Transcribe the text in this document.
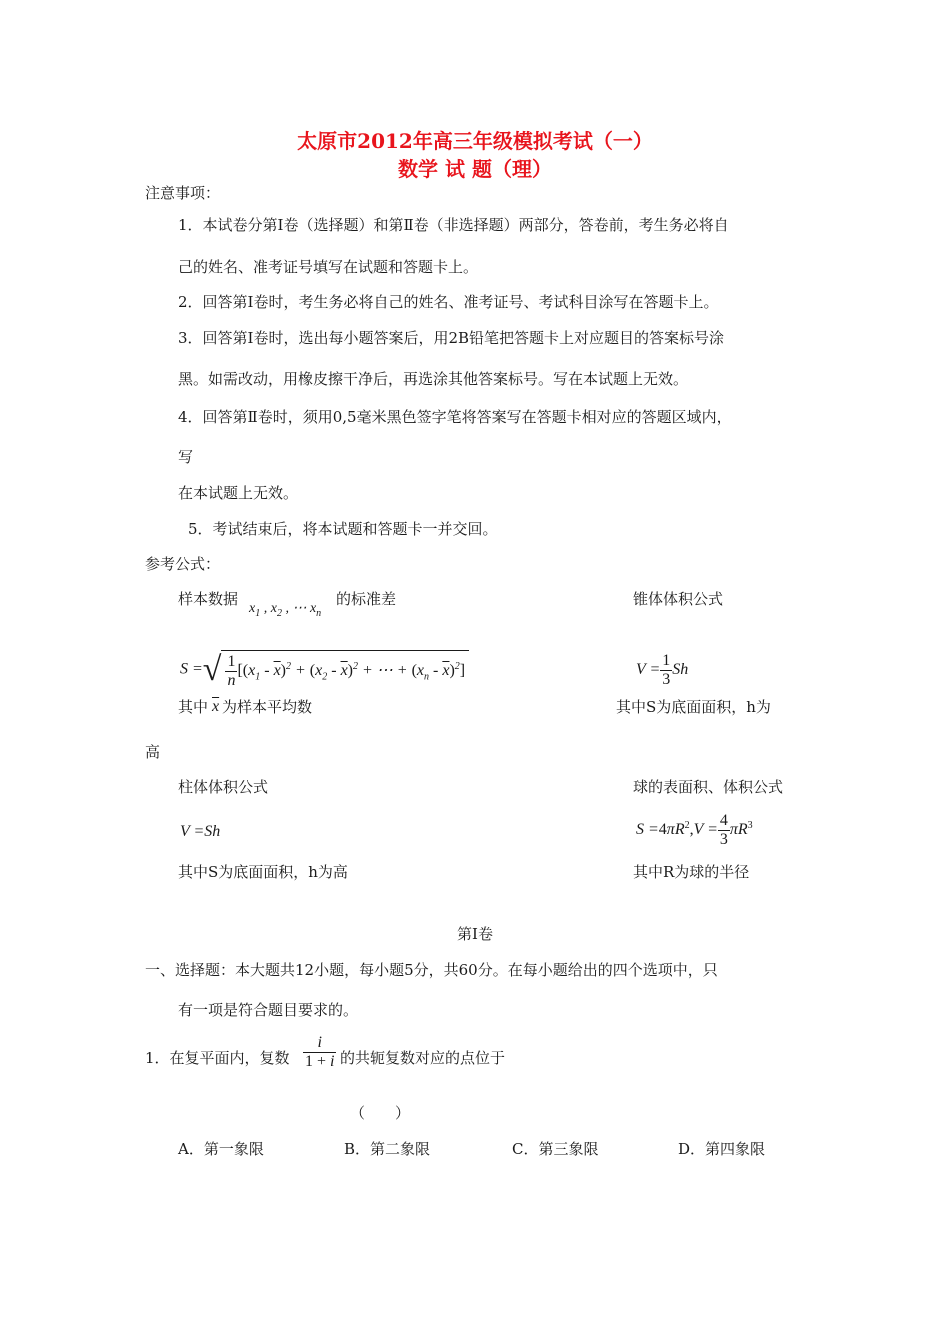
太原市2012年高三年级模拟考试（一）
数学 试 题（理）
注意事项：
1．本试卷分第Ⅰ卷（选择题）和第Ⅱ卷（非选择题）两部分，答卷前，考生务必将自
己的姓名、准考证号填写在试题和答题卡上。
2．回答第Ⅰ卷时，考生务必将自己的姓名、准考证号、考试科目涂写在答题卡上。
3．回答第Ⅰ卷时，选出每小题答案后，用2B铅笔把答题卡上对应题目的答案标号涂
黑。如需改动，用橡皮擦干净后，再选涂其他答案标号。写在本试题上无效。
4．回答第Ⅱ卷时，须用0,5毫米黑色签字笔将答案写在答题卡相对应的答题区域内，
写
在本试题上无效。
5．考试结束后，将本试题和答题卡一并交回。
参考公式：
样本数据
$x_1$ , $x_2$ , ⋯ $x_n$
的标准差	锥体体积公式
S =√ $\frac{1}{n} [(x_1 - \overline{x})^2 + (x_2 - \overline{x})^2$ + ⋯ + $(x_n - \overline{x})^2$]	$V = \frac{1}{3}$ Sh
其中 $\overline{x}$ 为样本平均数	其中S为底面面积，h为
高
柱体体积公式	球的表面积、体积公式
V =Sh	$S =4\pi R^2,V = \frac{4}{3} \pi R^3$
其中S为底面面积，h为高	其中R为球的半径
第Ⅰ卷
一、选择题：本大题共12小题，每小题5分，共60分。在每小题给出的四个选项中，只
有一项是符合题目要求的。
1．在复平面内，复数 $\frac{i}{1 + i}$ 的共轭复数对应的点位于
（　　）
A．第一象限	B．第二象限	C．第三象限	D．第四象限
